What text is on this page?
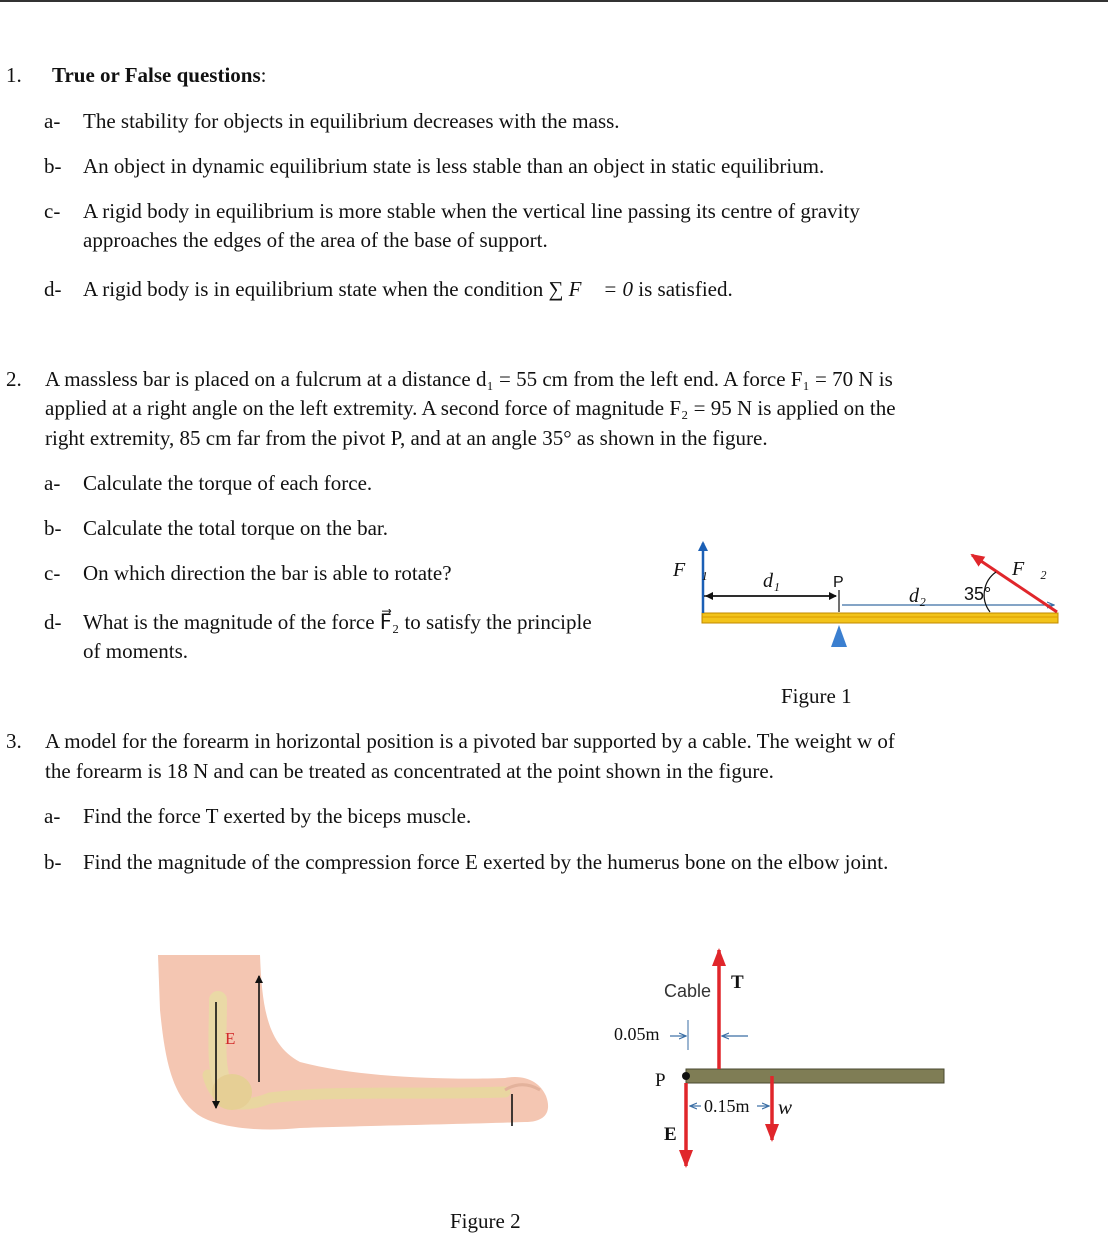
1. True or False questions:
a- The stability for objects in equilibrium decreases with the mass.
b- An object in dynamic equilibrium state is less stable than an object in static equilibrium.
c- A rigid body in equilibrium is more stable when the vertical line passing its centre of gravity
approaches the edges of the area of the base of support.
d- A rigid body is in equilibrium state when the condition ∑ F⃗ = 0 is satisfied.
2. A massless bar is placed on a fulcrum at a distance d₁ = 55 cm from the left end. A force F₁ = 70 N is
applied at a right angle on the left extremity. A second force of magnitude F₂ = 95 N is applied on the
right extremity, 85 cm far from the pivot P, and at an angle 35° as shown in the figure.
a- Calculate the torque of each force.
b- Calculate the total torque on the bar.
c- On which direction the bar is able to rotate?
d- What is the magnitude of the force F⃗₂ to satisfy the principle
of moments.
F⃗₁	d₁	P
d₂ 35°
F⃗₂
Figure 1
3. A model for the forearm in horizontal position is a pivoted bar supported by a cable. The weight w of
the forearm is 18 N and can be treated as concentrated at the point shown in the figure.
a- Find the force T exerted by the biceps muscle.
b- Find the magnitude of the compression force E exerted by the humerus bone on the elbow joint.
E
Cable T
0.05m
P
0.15m w
E
Figure 2
